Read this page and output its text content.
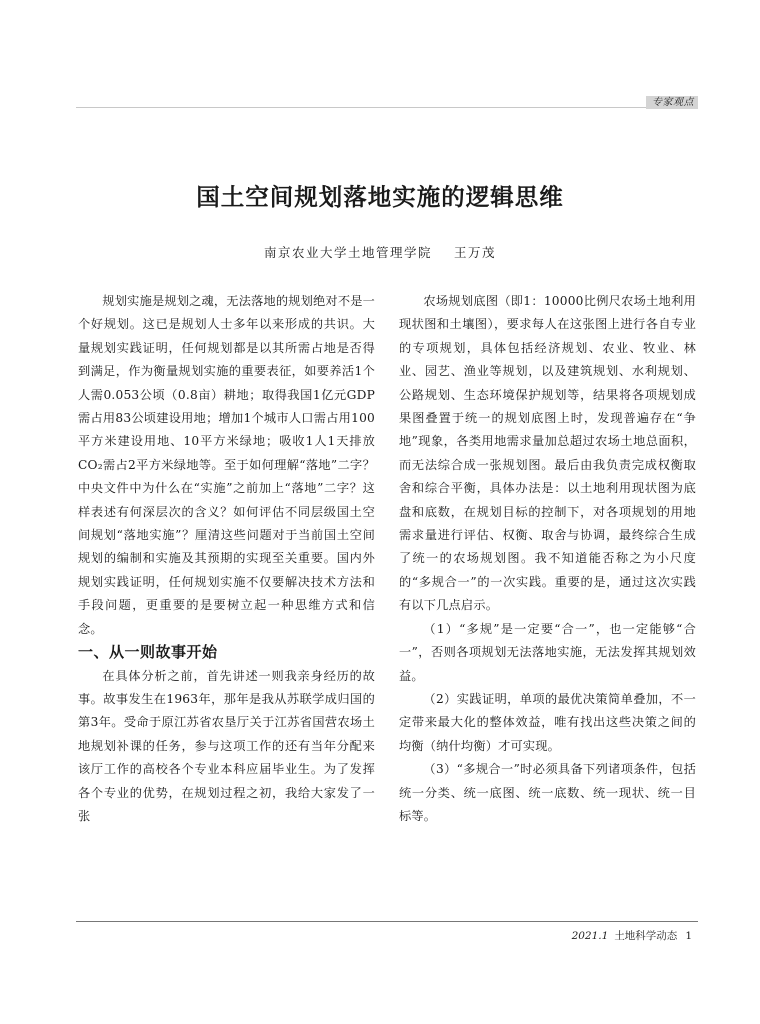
专家观点
国土空间规划落地实施的逻辑思维
南京农业大学土地管理学院 王万茂

规划实施是规划之魂，无法落地的规划绝对不是一个好规划。这已是规划人士多年以来形成的共识。大量规划实践证明，任何规划都是以其所需占地是否得到满足，作为衡量规划实施的重要表征，如要养活1个人需0.053公顷（0.8亩）耕地；取得我国1亿元GDP需占用83公顷建设用地；增加1个城市人口需占用100平方米建设用地、10平方米绿地；吸收1人1天排放CO₂需占2平方米绿地等。至于如何理解“落地”二字？中央文件中为什么在“实施”之前加上“落地”二字？这样表述有何深层次的含义？如何评估不同层级国土空间规划“落地实施”？厘清这些问题对于当前国土空间规划的编制和实施及其预期的实现至关重要。国内外规划实践证明，任何规划实施不仅要解决技术方法和手段问题，更重要的是要树立起一种思维方式和信念。

一、从一则故事开始

在具体分析之前，首先讲述一则我亲身经历的故事。故事发生在1963年，那年是我从苏联学成归国的第3年。受命于原江苏省农垦厅关于江苏省国营农场土地规划补课的任务，参与这项工作的还有当年分配来该厅工作的高校各个专业本科应届毕业生。为了发挥各个专业的优势，在规划过程之初，我给大家发了一张

农场规划底图（即1：10000比例尺农场土地利用现状图和土壤图），要求每人在这张图上进行各自专业的专项规划，具体包括经济规划、农业、牧业、林业、园艺、渔业等规划，以及建筑规划、水利规划、公路规划、生态环境保护规划等，结果将各项规划成果图叠置于统一的规划底图上时，发现普遍存在“争地”现象，各类用地需求量加总超过农场土地总面积，而无法综合成一张规划图。最后由我负责完成权衡取舍和综合平衡，具体办法是：以土地利用现状图为底盘和底数，在规划目标的控制下，对各项规划的用地需求量进行评估、权衡、取舍与协调，最终综合生成了统一的农场规划图。我不知道能否称之为小尺度的“多规合一”的一次实践。重要的是，通过这次实践有以下几点启示。

（1）“多规”是一定要“合一”，也一定能够“合一”，否则各项规划无法落地实施，无法发挥其规划效益。

（2）实践证明，单项的最优决策简单叠加，不一定带来最大化的整体效益，唯有找出这些决策之间的均衡（纳什均衡）才可实现。

（3）“多规合一”时必须具备下列诸项条件，包括统一分类、统一底图、统一底数、统一现状、统一目标等。

2021.1 土地科学动态 1
